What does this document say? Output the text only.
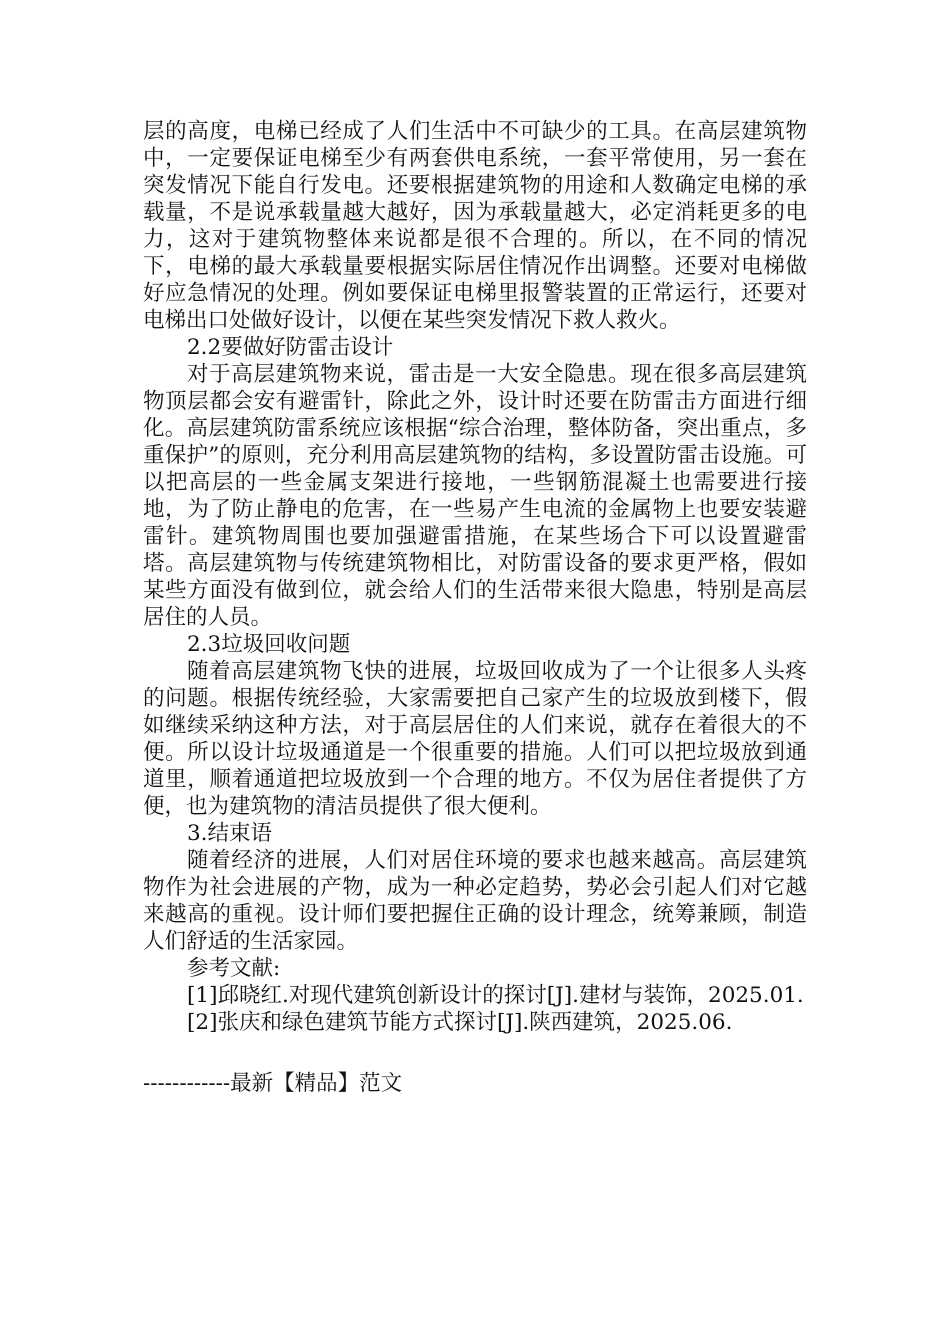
层的高度，电梯已经成了人们生活中不可缺少的工具。在高层建筑物中，一定要保证电梯至少有两套供电系统，一套平常使用，另一套在突发情况下能自行发电。还要根据建筑物的用途和人数确定电梯的承载量，不是说承载量越大越好，因为承载量越大，必定消耗更多的电力，这对于建筑物整体来说都是很不合理的。所以，在不同的情况下，电梯的最大承载量要根据实际居住情况作出调整。还要对电梯做好应急情况的处理。例如要保证电梯里报警装置的正常运行，还要对电梯出口处做好设计，以便在某些突发情况下救人救火。

2.2要做好防雷击设计

对于高层建筑物来说，雷击是一大安全隐患。现在很多高层建筑物顶层都会安有避雷针，除此之外，设计时还要在防雷击方面进行细化。高层建筑防雷系统应该根据“综合治理，整体防备，突出重点，多重保护”的原则，充分利用高层建筑物的结构，多设置防雷击设施。可以把高层的一些金属支架进行接地，一些钢筋混凝土也需要进行接地，为了防止静电的危害，在一些易产生电流的金属物上也要安装避雷针。建筑物周围也要加强避雷措施，在某些场合下可以设置避雷塔。高层建筑物与传统建筑物相比，对防雷设备的要求更严格，假如某些方面没有做到位，就会给人们的生活带来很大隐患，特别是高层居住的人员。

2.3垃圾回收问题

随着高层建筑物飞快的进展，垃圾回收成为了一个让很多人头疼的问题。根据传统经验，大家需要把自己家产生的垃圾放到楼下，假如继续采纳这种方法，对于高层居住的人们来说，就存在着很大的不便。所以设计垃圾通道是一个很重要的措施。人们可以把垃圾放到通道里，顺着通道把垃圾放到一个合理的地方。不仅为居住者提供了方便，也为建筑物的清洁员提供了很大便利。

3.结束语

随着经济的进展，人们对居住环境的要求也越来越高。高层建筑物作为社会进展的产物，成为一种必定趋势，势必会引起人们对它越来越高的重视。设计师们要把握住正确的设计理念，统筹兼顾，制造人们舒适的生活家园。

参考文献:

[1]邱晓红.对现代建筑创新设计的探讨[J].建材与装饰，2025.01.

[2]张庆和绿色建筑节能方式探讨[J].陕西建筑，2025.06.

------------最新【精品】范文
